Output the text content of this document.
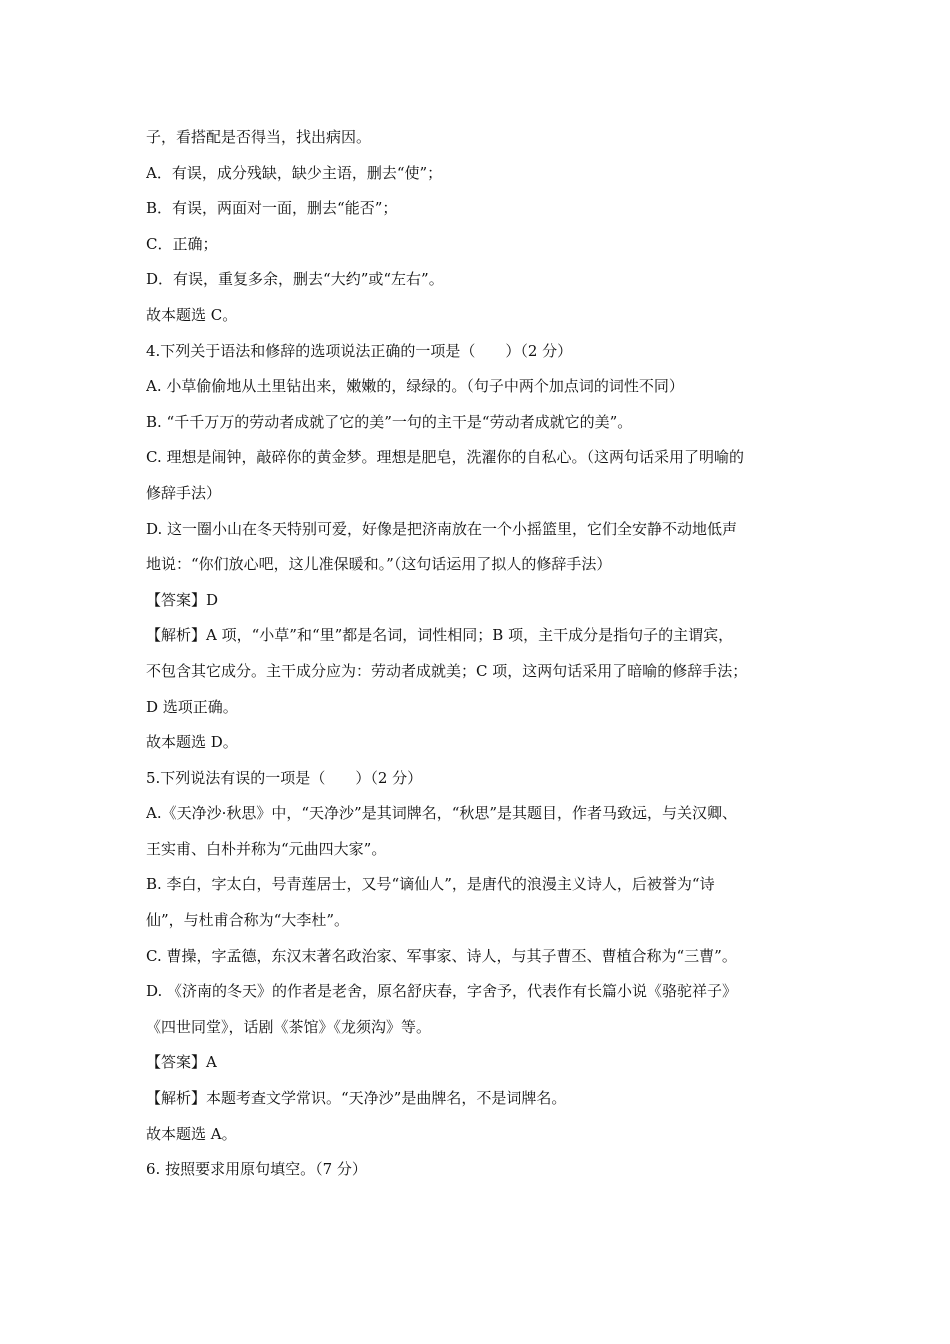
子，看搭配是否得当，找出病因。
A．有误，成分残缺，缺少主语，删去“使”；
B．有误，两面对一面，删去“能否”；
C．正确；
D．有误，重复多余，删去“大约”或“左右”。
故本题选 C。
4.下列关于语法和修辞的选项说法正确的一项是（　　）（2 分）
A. 小草偷偷地从土里钻出来，嫩嫩的，绿绿的。（句子中两个加点词的词性不同）
B. “千千万万的劳动者成就了它的美”一句的主干是“劳动者成就它的美”。
C. 理想是闹钟，敲碎你的黄金梦。理想是肥皂，洗濯你的自私心。（这两句话采用了明喻的
修辞手法）
D. 这一圈小山在冬天特别可爱，好像是把济南放在一个小摇篮里，它们全安静不动地低声
地说：“你们放心吧，这儿准保暖和。”（这句话运用了拟人的修辞手法）
【答案】D
【解析】A 项，“小草”和“里”都是名词，词性相同；B 项，主干成分是指句子的主谓宾，
不包含其它成分。主干成分应为：劳动者成就美；C 项，这两句话采用了暗喻的修辞手法；
D 选项正确。
故本题选 D。
5.下列说法有误的一项是（　　）（2 分）
A.《天净沙·秋思》中，“天净沙”是其词牌名，“秋思”是其题目，作者马致远，与关汉卿、
王实甫、白朴并称为“元曲四大家”。
B. 李白，字太白，号青莲居士，又号“谪仙人”，是唐代的浪漫主义诗人，后被誉为“诗
仙”，与杜甫合称为“大李杜”。
C. 曹操，字孟德，东汉末著名政治家、军事家、诗人，与其子曹丕、曹植合称为“三曹”。
D. 《济南的冬天》的作者是老舍，原名舒庆春，字舍予，代表作有长篇小说《骆驼祥子》
《四世同堂》，话剧《茶馆》《龙须沟》等。
【答案】A
【解析】本题考查文学常识。“天净沙”是曲牌名，不是词牌名。
故本题选 A。
6. 按照要求用原句填空。（7 分）
